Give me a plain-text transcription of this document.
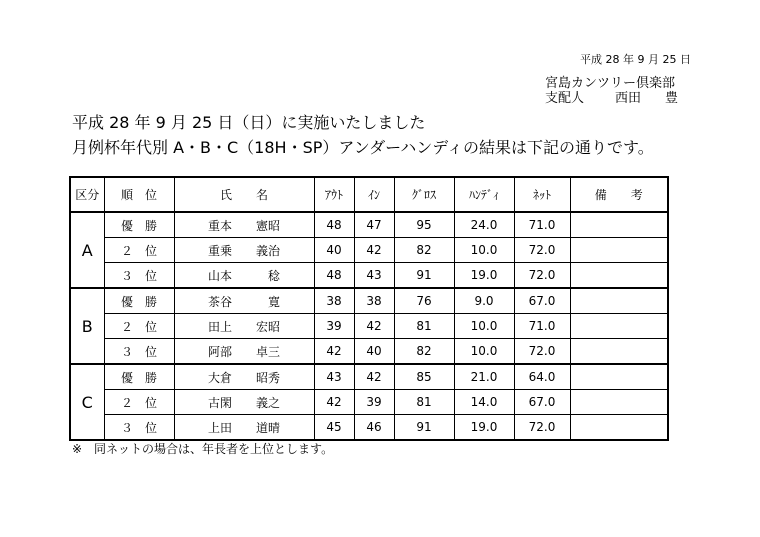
平成 28 年 9 月 25 日
宮島カンツリー倶楽部
支配人	西田	豊
平成 28 年 9 月 25 日（日）に実施いたしました
月例杯年代別 A・B・C（18H・SP）アンダーハンディの結果は下記の通りです。
区分	順　位	氏　　名	ｱｳﾄ	ｲﾝ	ｸﾞﾛｽ	ﾊﾝﾃﾞｨ	ﾈｯﾄ	備　　考
A	優　勝	重本　　憲昭	48	47	95	24.0	71.0	
	２　位	重乗　　義治	40	42	82	10.0	72.0	
	３　位	山本　　　稔	48	43	91	19.0	72.0	
B	優　勝	茶谷　　　寛	38	38	76	9.0	67.0	
	２　位	田上　　宏昭	39	42	81	10.0	71.0	
	３　位	阿部　　卓三	42	40	82	10.0	72.0	
C	優　勝	大倉　　昭秀	43	42	85	21.0	64.0	
	２　位	古閑　　義之	42	39	81	14.0	67.0	
	３　位	上田　　道晴	45	46	91	19.0	72.0	
※　同ネットの場合は、年長者を上位とします。
